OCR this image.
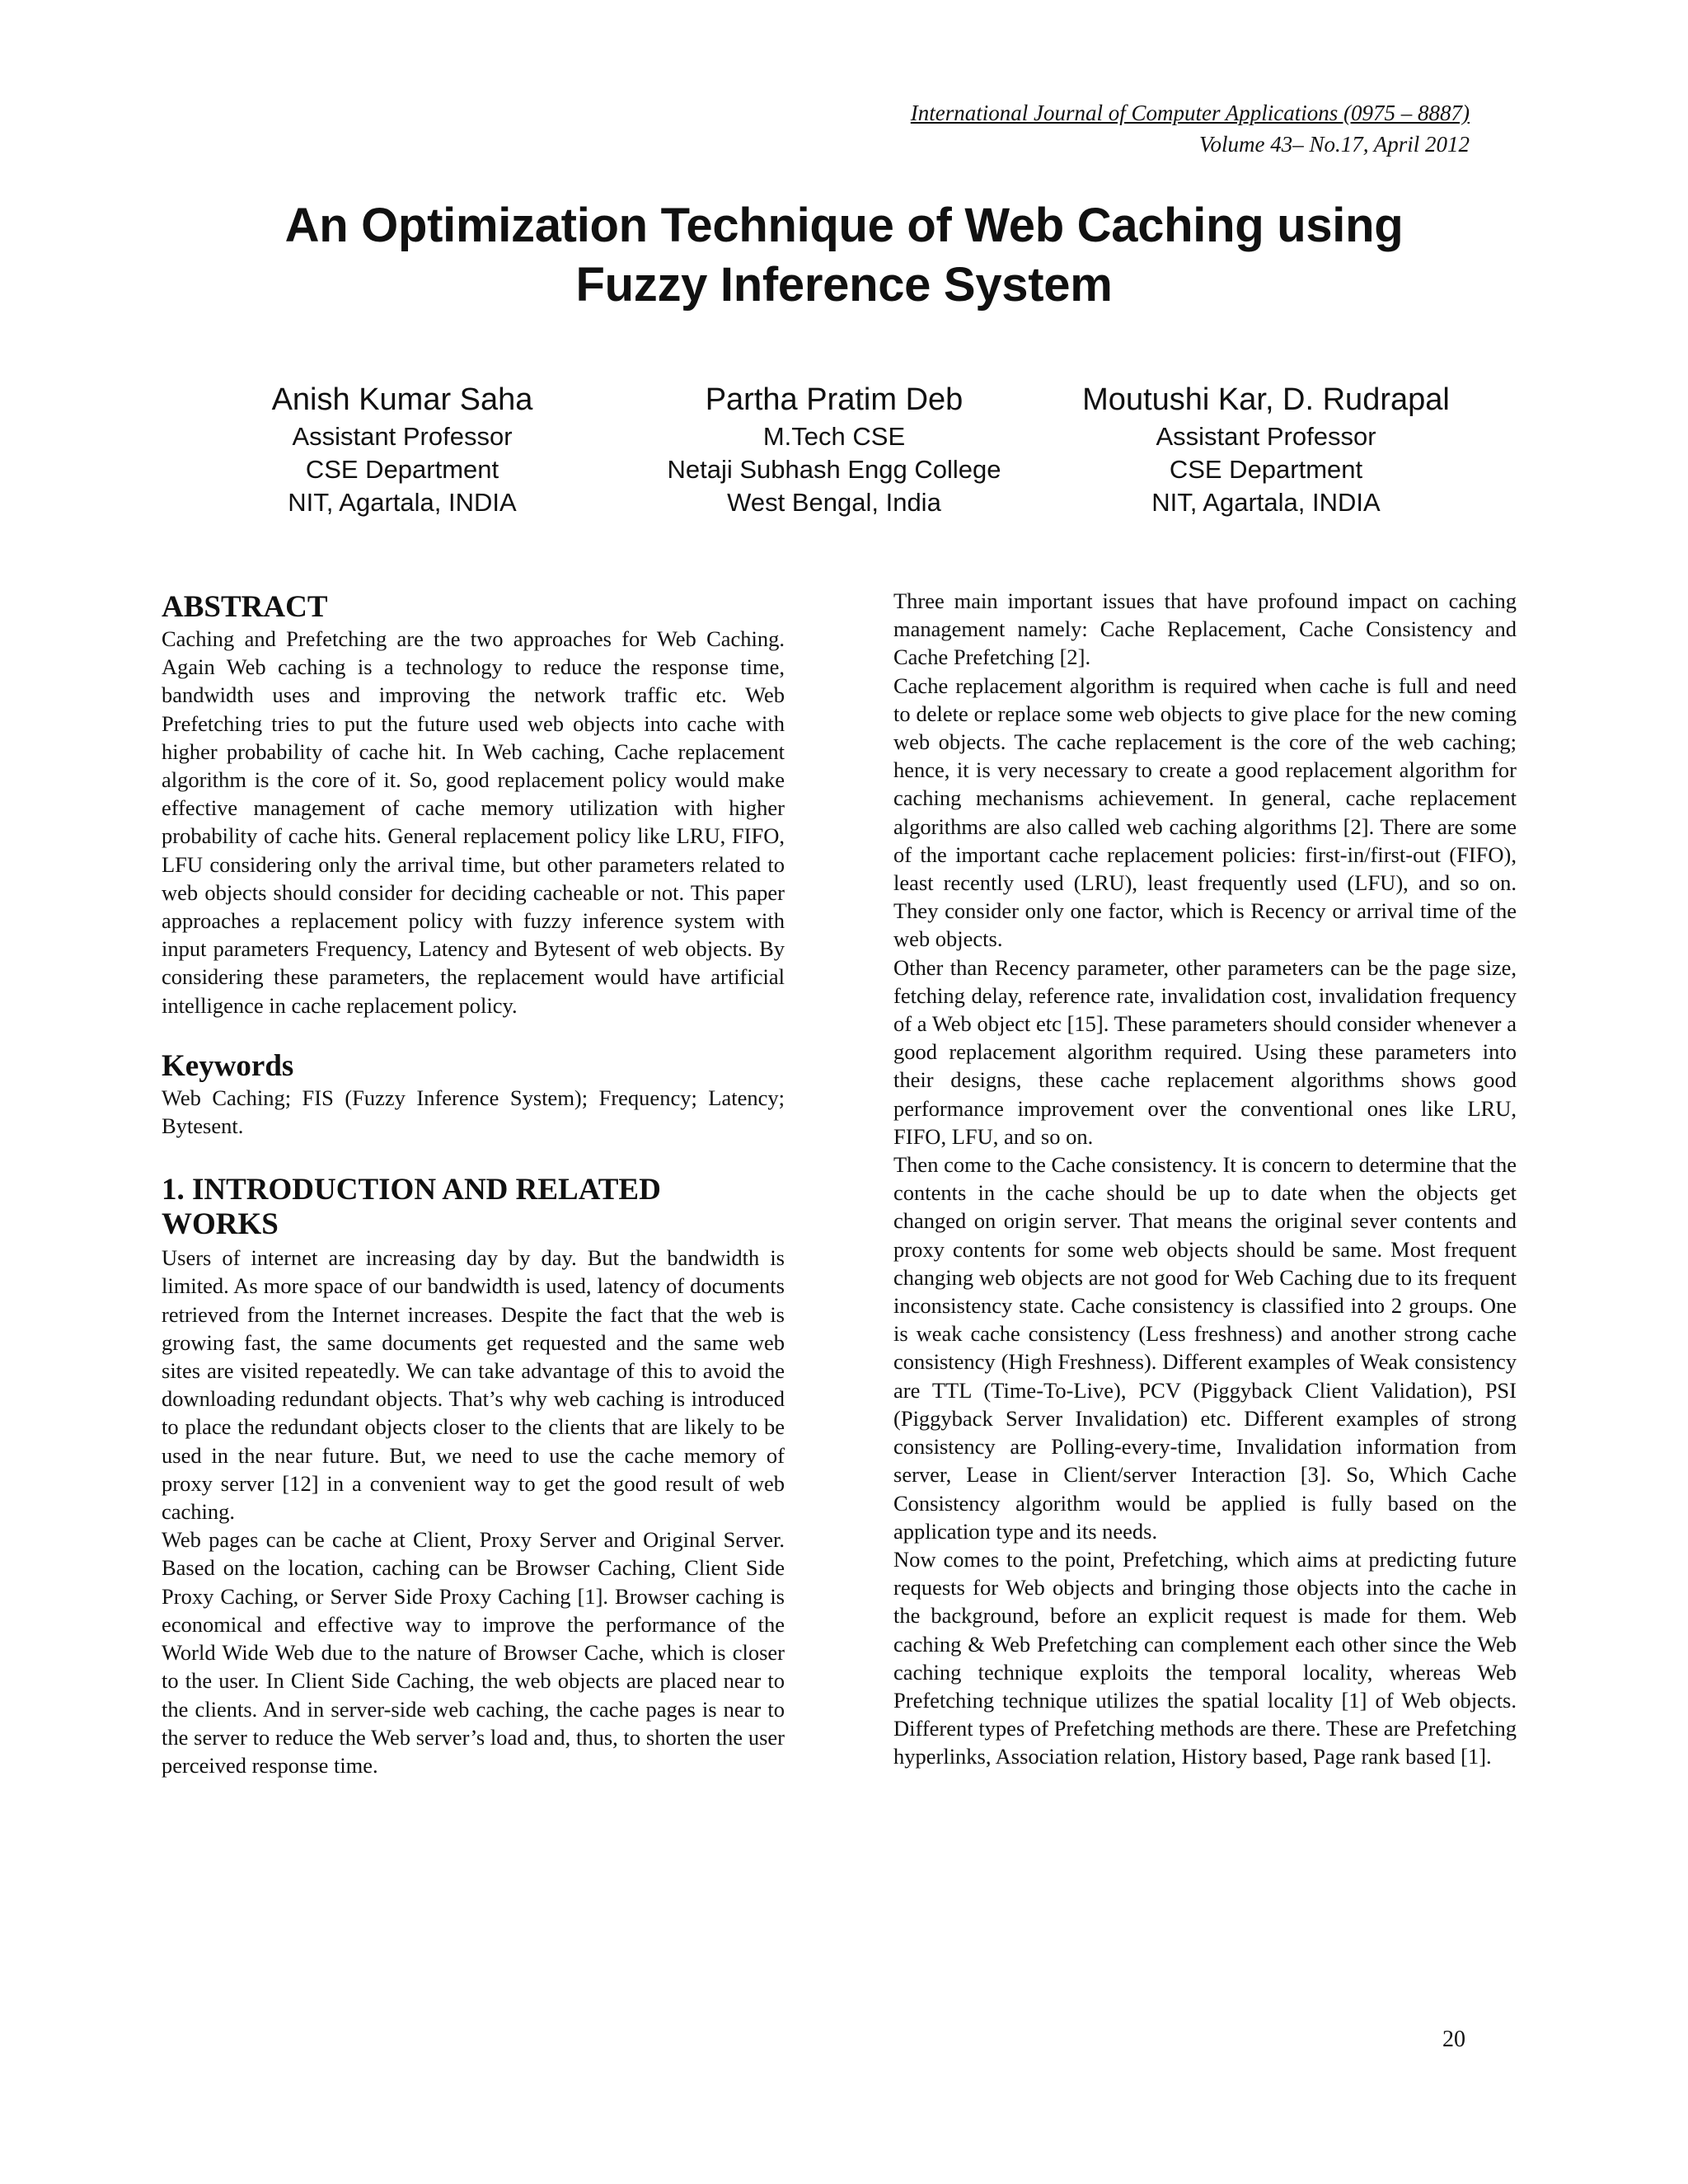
International Journal of Computer Applications (0975 – 8887)
Volume 43– No.17, April 2012
An Optimization Technique of Web Caching using
Fuzzy Inference System
Anish Kumar Saha
Assistant Professor
CSE Department
NIT, Agartala, INDIA
Partha Pratim Deb
M.Tech CSE
Netaji Subhash Engg College
West Bengal, India
Moutushi Kar, D. Rudrapal
Assistant Professor
CSE Department
NIT, Agartala, INDIA
ABSTRACT

Caching and Prefetching are the two approaches for Web Caching. Again Web caching is a technology to reduce the response time, bandwidth uses and improving the network traffic etc. Web Prefetching tries to put the future used web objects into cache with higher probability of cache hit. In Web caching, Cache replacement algorithm is the core of it. So, good replacement policy would make effective management of cache memory utilization with higher probability of cache hits. General replacement policy like LRU, FIFO, LFU considering only the arrival time, but other parameters related to web objects should consider for deciding cacheable or not. This paper approaches a replacement policy with fuzzy inference system with input parameters Frequency, Latency and Bytesent of web objects. By considering these parameters, the replacement would have artificial intelligence in cache replacement policy.

Keywords

Web Caching; FIS (Fuzzy Inference System); Frequency; Latency; Bytesent.

1. INTRODUCTION AND RELATED WORKS

Users of internet are increasing day by day. But the bandwidth is limited. As more space of our bandwidth is used, latency of documents retrieved from the Internet increases. Despite the fact that the web is growing fast, the same documents get requested and the same web sites are visited repeatedly. We can take advantage of this to avoid the downloading redundant objects. That’s why web caching is introduced to place the redundant objects closer to the clients that are likely to be used in the near future. But, we need to use the cache memory of proxy server [12] in a convenient way to get the good result of web caching.

Web pages can be cache at Client, Proxy Server and Original Server. Based on the location, caching can be Browser Caching, Client Side Proxy Caching, or Server Side Proxy Caching [1]. Browser caching is economical and effective way to improve the performance of the World Wide Web due to the nature of Browser Cache, which is closer to the user. In Client Side Caching, the web objects are placed near to the clients. And in server-side web caching, the cache pages is near to the server to reduce the Web server’s load and, thus, to shorten the user perceived response time.

Three main important issues that have profound impact on caching management namely: Cache Replacement, Cache Consistency and Cache Prefetching [2].

Cache replacement algorithm is required when cache is full and need to delete or replace some web objects to give place for the new coming web objects. The cache replacement is the core of the web caching; hence, it is very necessary to create a good replacement algorithm for caching mechanisms achievement. In general, cache replacement algorithms are also called web caching algorithms [2]. There are some of the important cache replacement policies: first-in/first-out (FIFO), least recently used (LRU), least frequently used (LFU), and so on. They consider only one factor, which is Recency or arrival time of the web objects.

Other than Recency parameter, other parameters can be the page size, fetching delay, reference rate, invalidation cost, invalidation frequency of a Web object etc [15]. These parameters should consider whenever a good replacement algorithm required. Using these parameters into their designs, these cache replacement algorithms shows good performance improvement over the conventional ones like LRU, FIFO, LFU, and so on.

Then come to the Cache consistency. It is concern to determine that the contents in the cache should be up to date when the objects get changed on origin server. That means the original sever contents and proxy contents for some web objects should be same. Most frequent changing web objects are not good for Web Caching due to its frequent inconsistency state. Cache consistency is classified into 2 groups. One is weak cache consistency (Less freshness) and another strong cache consistency (High Freshness). Different examples of Weak consistency are TTL (Time-To-Live), PCV (Piggyback Client Validation), PSI (Piggyback Server Invalidation) etc. Different examples of strong consistency are Polling-every-time, Invalidation information from server, Lease in Client/server Interaction [3]. So, Which Cache Consistency algorithm would be applied is fully based on the application type and its needs.

Now comes to the point, Prefetching, which aims at predicting future requests for Web objects and bringing those objects into the cache in the background, before an explicit request is made for them. Web caching & Web Prefetching can complement each other since the Web caching technique exploits the temporal locality, whereas Web Prefetching technique utilizes the spatial locality [1] of Web objects. Different types of Prefetching methods are there. These are Prefetching hyperlinks, Association relation, History based, Page rank based [1].

20
